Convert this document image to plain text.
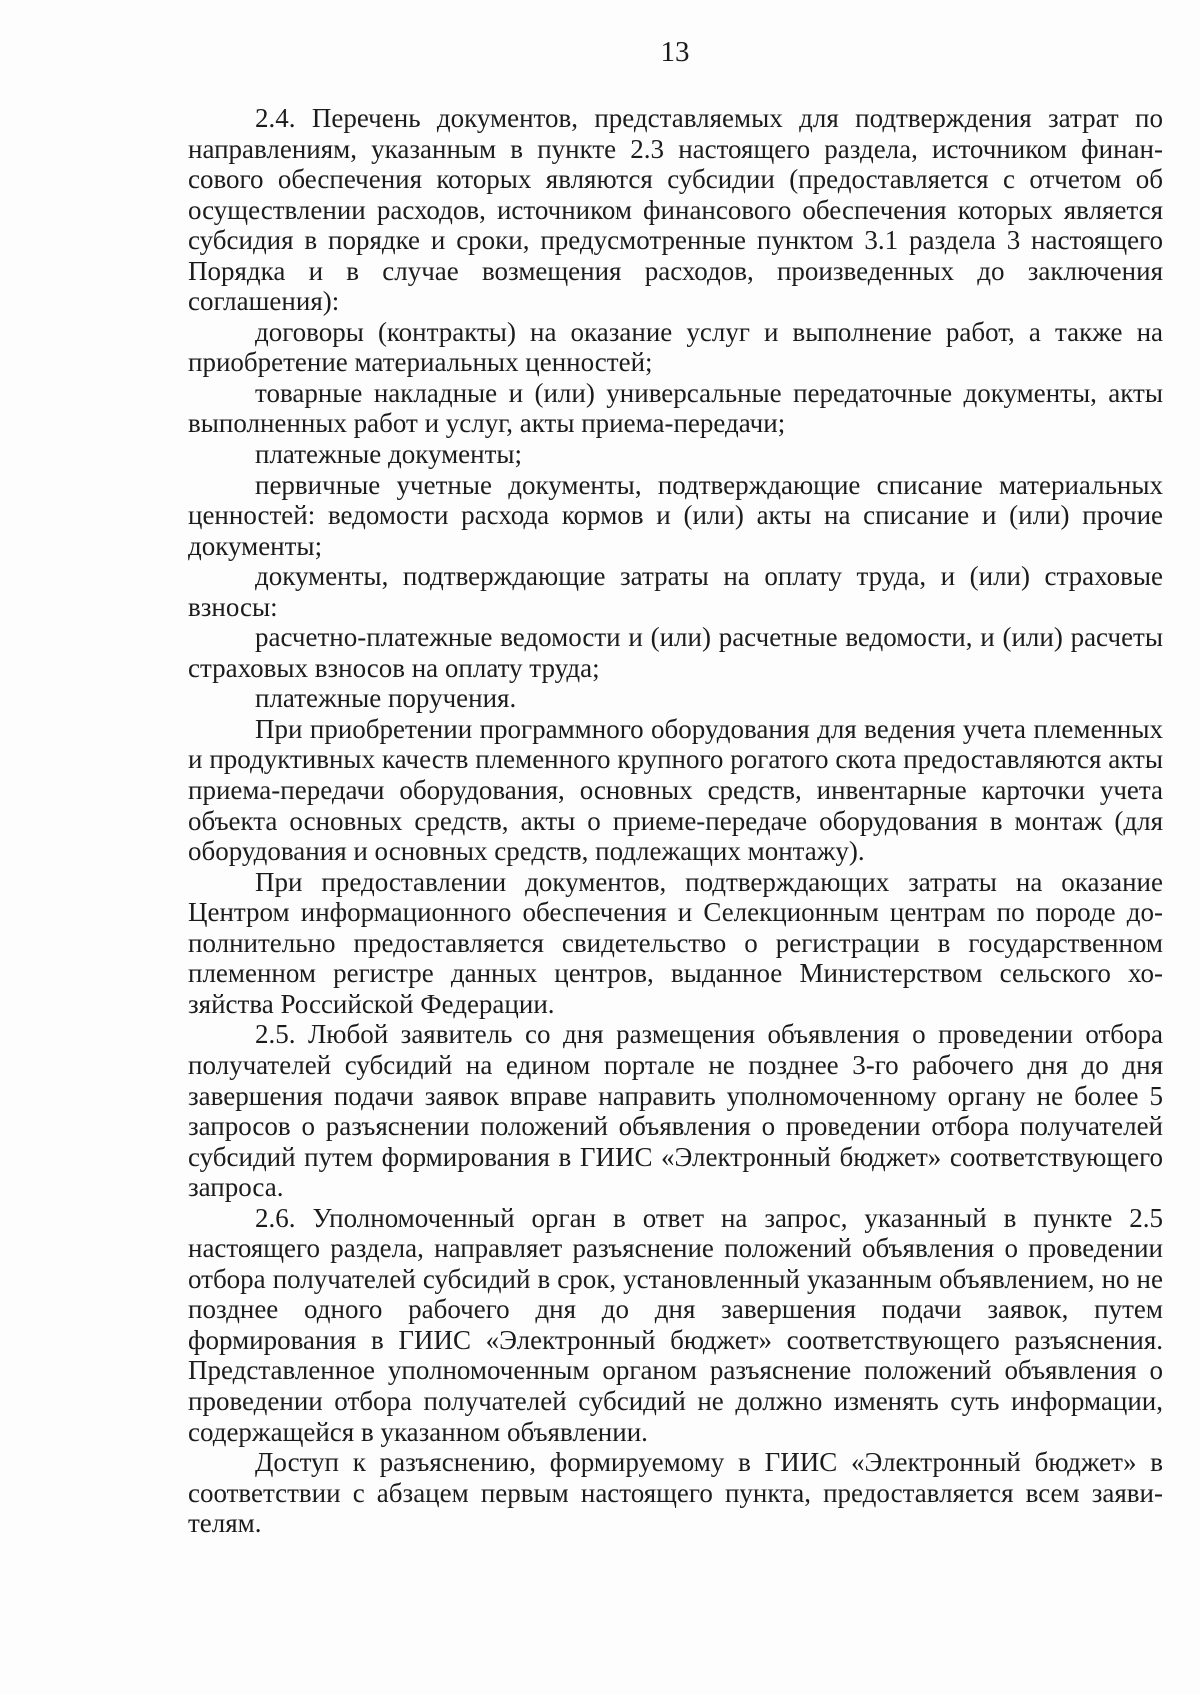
13

2.4. Перечень документов, представляемых для подтверждения затрат по направлениям, указанным в пункте 2.3 настоящего раздела, источником финансового обеспечения которых являются субсидии (предоставляется с отчетом об осуществлении расходов, источником финансового обеспечения которых является субсидия в порядке и сроки, предусмотренные пунктом 3.1 раздела 3 настоящего Порядка и в случае возмещения расходов, произведенных до заключения соглашения):

договоры (контракты) на оказание услуг и выполнение работ, а также на приобретение материальных ценностей;

товарные накладные и (или) универсальные передаточные документы, акты выполненных работ и услуг, акты приема-передачи;

платежные документы;

первичные учетные документы, подтверждающие списание материальных ценностей: ведомости расхода кормов и (или) акты на списание и (или) прочие документы;

документы, подтверждающие затраты на оплату труда, и (или) страховые взносы:

расчетно-платежные ведомости и (или) расчетные ведомости, и (или) расчеты страховых взносов на оплату труда;

платежные поручения.

При приобретении программного оборудования для ведения учета племенных и продуктивных качеств племенного крупного рогатого скота предоставляются акты приема-передачи оборудования, основных средств, инвентарные карточки учета объекта основных средств, акты о приеме-передаче оборудования в монтаж (для оборудования и основных средств, подлежащих монтажу).

При предоставлении документов, подтверждающих затраты на оказание Центром информационного обеспечения и Селекционным центрам по породе дополнительно предоставляется свидетельство о регистрации в государственном племенном регистре данных центров, выданное Министерством сельского хозяйства Российской Федерации.

2.5. Любой заявитель со дня размещения объявления о проведении отбора получателей субсидий на едином портале не позднее 3-го рабочего дня до дня завершения подачи заявок вправе направить уполномоченному органу не более 5 запросов о разъяснении положений объявления о проведении отбора получателей субсидий путем формирования в ГИИС «Электронный бюджет» соответствующего запроса.

2.6. Уполномоченный орган в ответ на запрос, указанный в пункте 2.5 настоящего раздела, направляет разъяснение положений объявления о проведении отбора получателей субсидий в срок, установленный указанным объявлением, но не позднее одного рабочего дня до дня завершения подачи заявок, путем формирования в ГИИС «Электронный бюджет» соответствующего разъяснения. Представленное уполномоченным органом разъяснение положений объявления о проведении отбора получателей субсидий не должно изменять суть информации, содержащейся в указанном объявлении.

Доступ к разъяснению, формируемому в ГИИС «Электронный бюджет» в соответствии с абзацем первым настоящего пункта, предоставляется всем заявителям.
